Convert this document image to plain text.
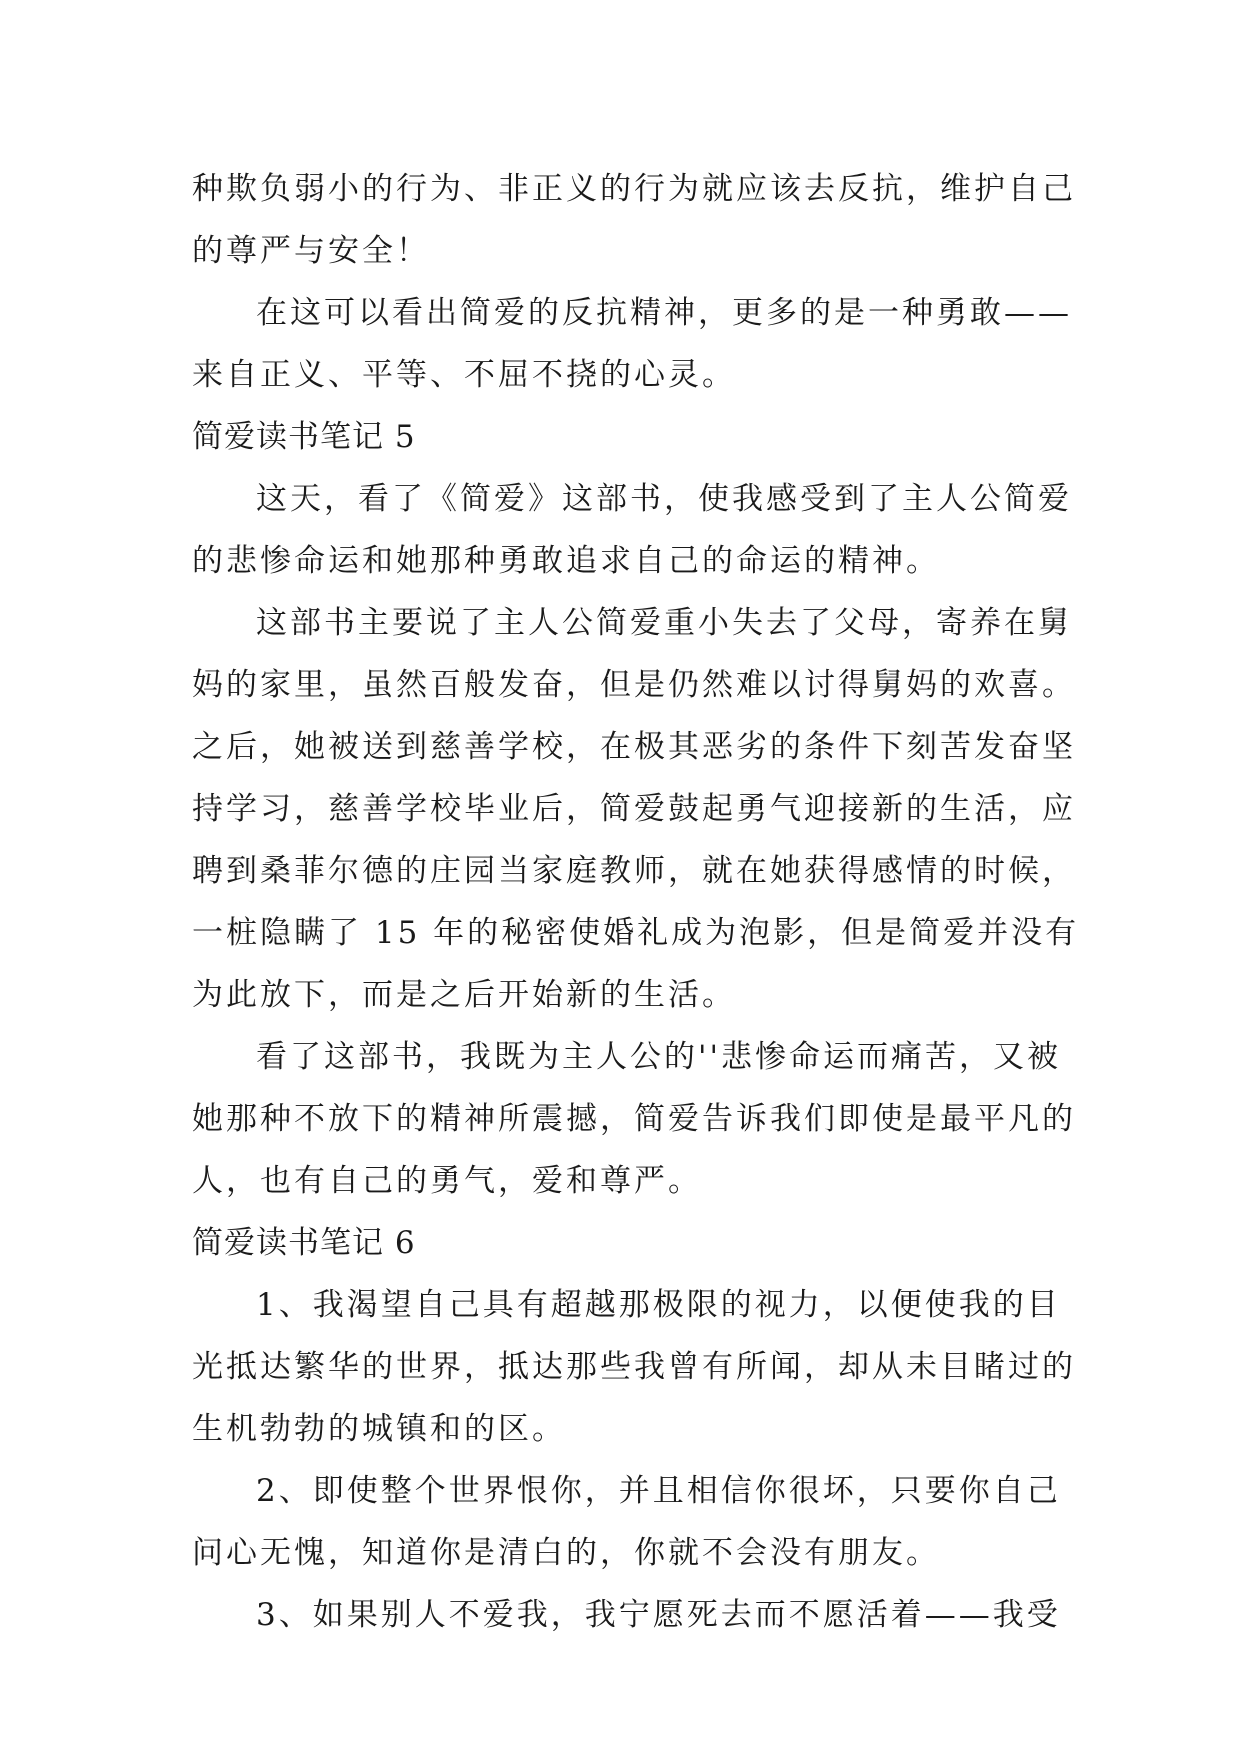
种欺负弱小的行为、非正义的行为就应该去反抗，维护自己
的尊严与安全！
在这可以看出简爱的反抗精神，更多的是一种勇敢——
来自正义、平等、不屈不挠的心灵。
简爱读书笔记 5
这天，看了《简爱》这部书，使我感受到了主人公简爱
的悲惨命运和她那种勇敢追求自己的命运的精神。
这部书主要说了主人公简爱重小失去了父母，寄养在舅
妈的家里，虽然百般发奋，但是仍然难以讨得舅妈的欢喜。
之后，她被送到慈善学校，在极其恶劣的条件下刻苦发奋坚
持学习，慈善学校毕业后，简爱鼓起勇气迎接新的生活，应
聘到桑菲尔德的庄园当家庭教师，就在她获得感情的时候，
一桩隐瞒了 15 年的秘密使婚礼成为泡影，但是简爱并没有
为此放下，而是之后开始新的生活。
看了这部书，我既为主人公的''悲惨命运而痛苦，又被
她那种不放下的精神所震撼，简爱告诉我们即使是最平凡的
人，也有自己的勇气，爱和尊严。
简爱读书笔记 6
1、我渴望自己具有超越那极限的视力，以便使我的目
光抵达繁华的世界，抵达那些我曾有所闻，却从未目睹过的
生机勃勃的城镇和的区。
2、即使整个世界恨你，并且相信你很坏，只要你自己
问心无愧，知道你是清白的，你就不会没有朋友。
3、如果别人不爱我，我宁愿死去而不愿活着——我受
